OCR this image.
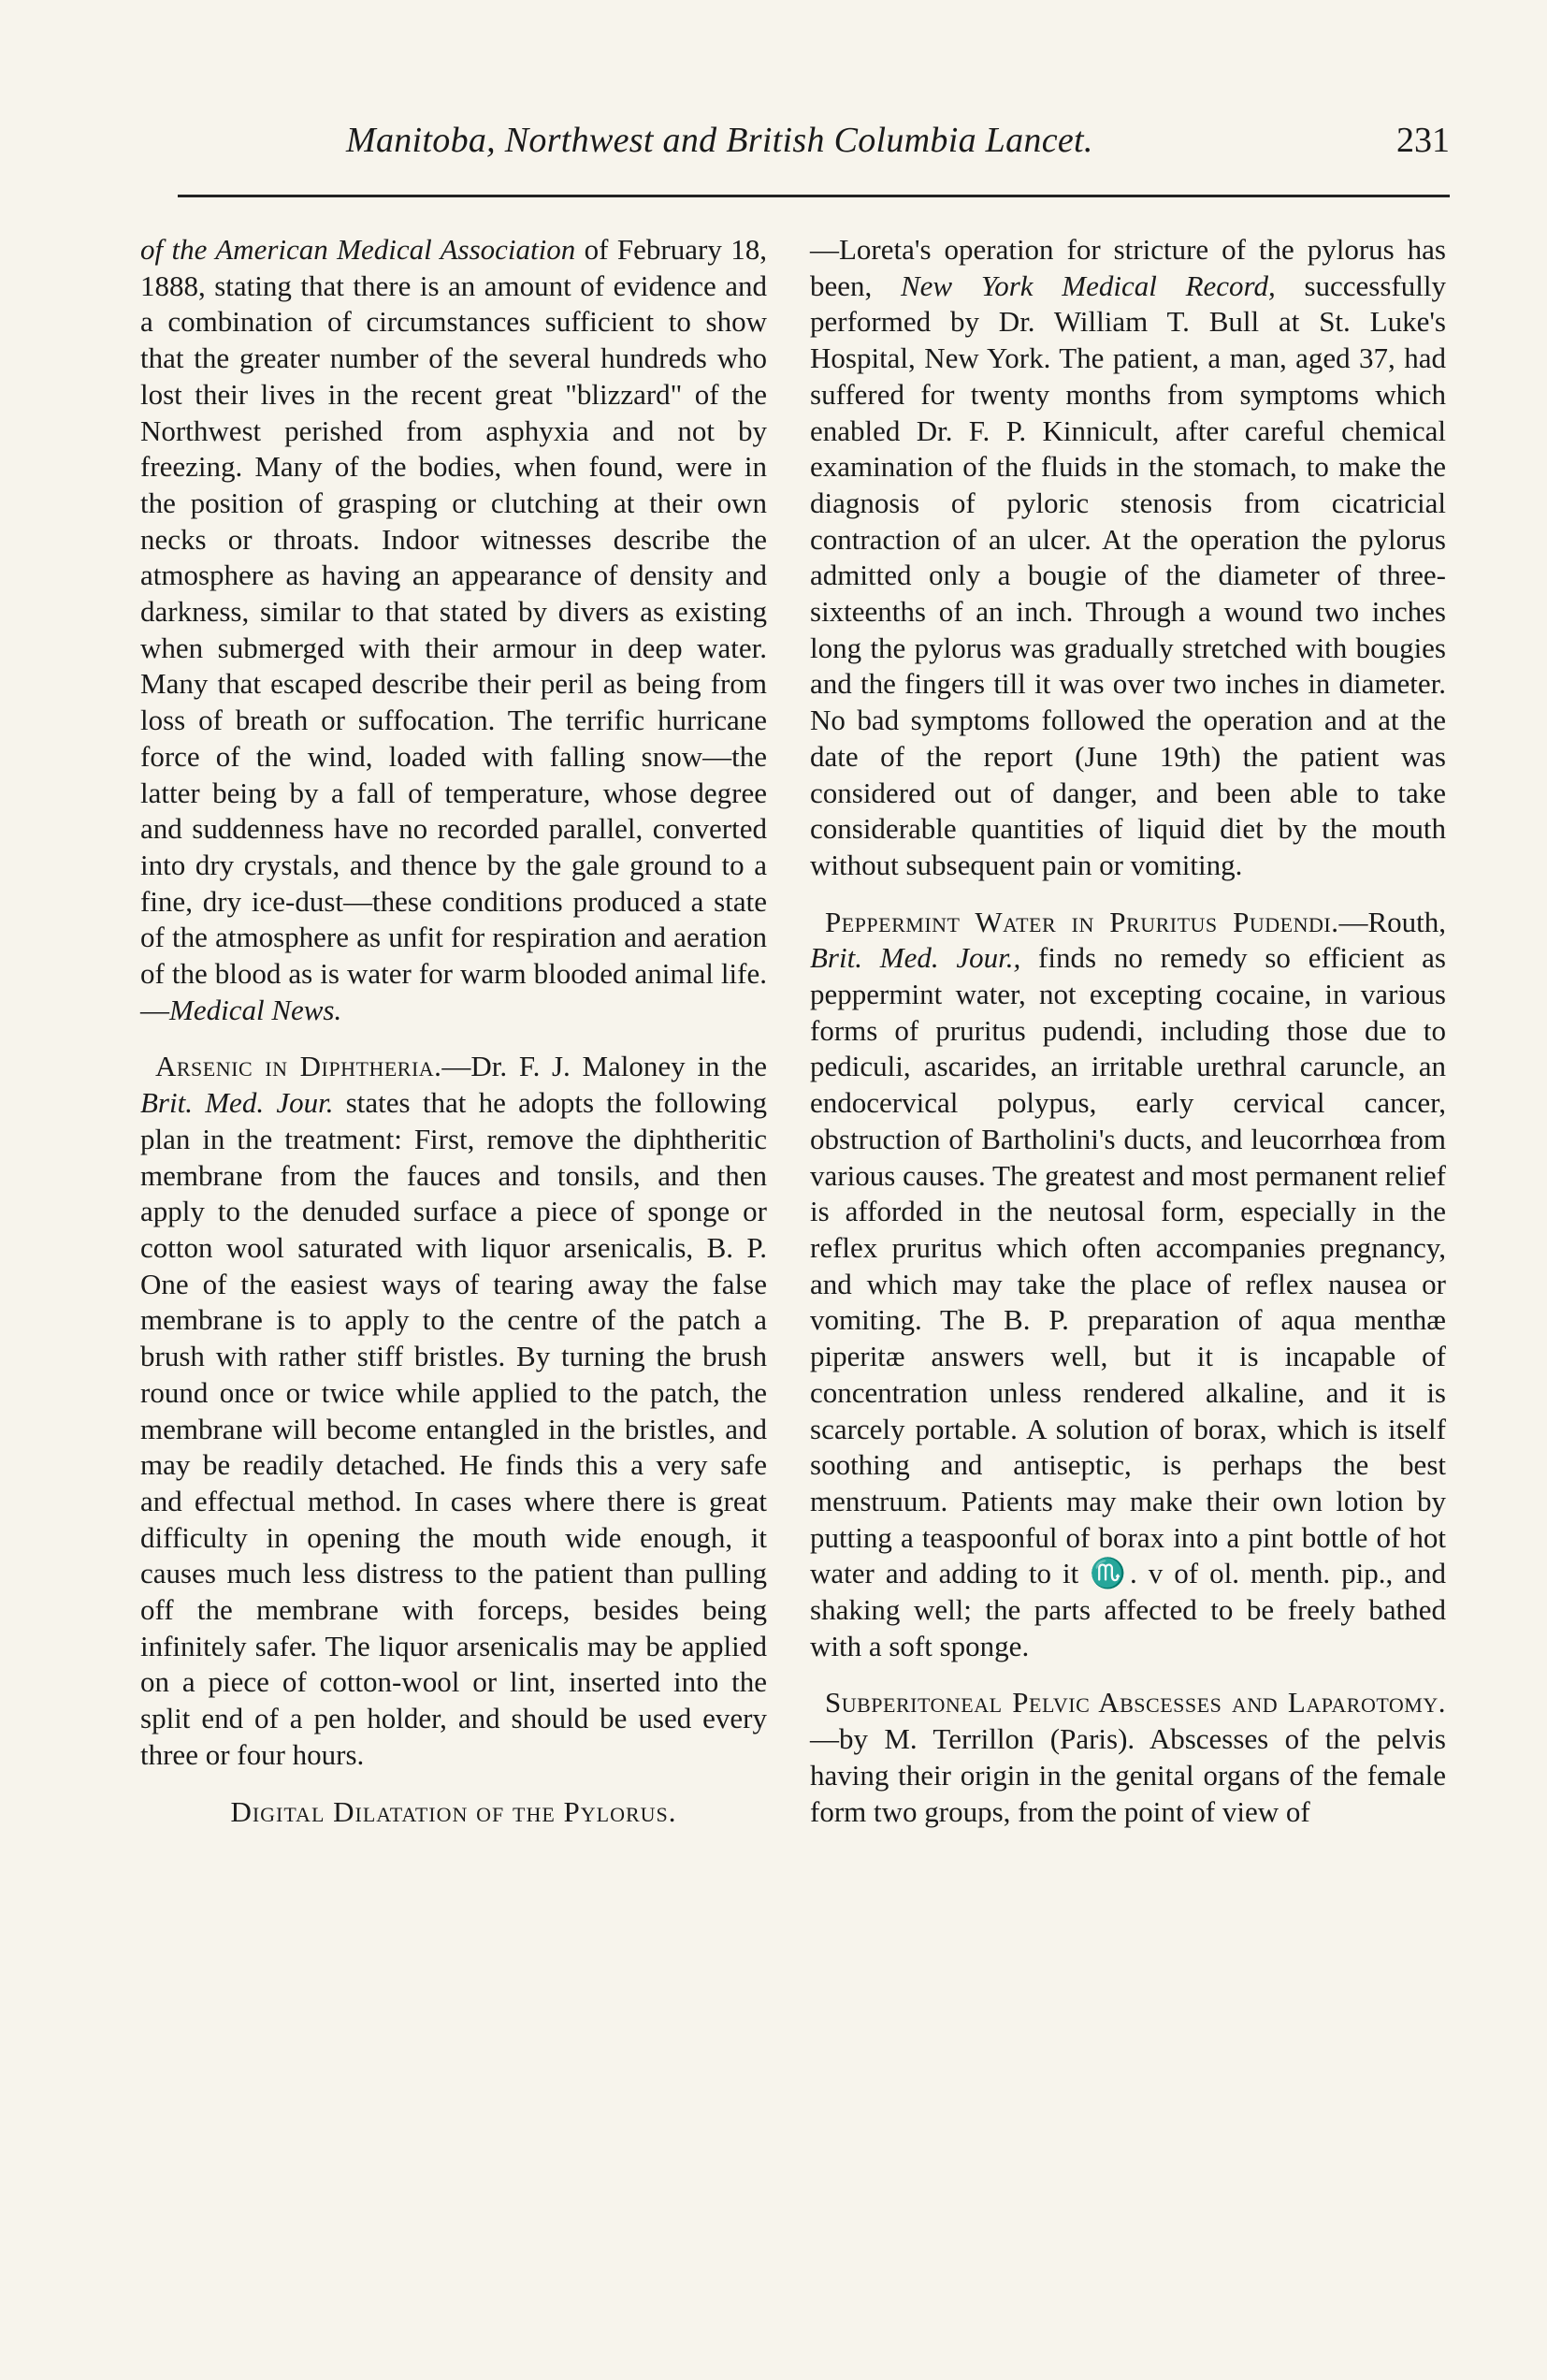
Manitoba, Northwest and British Columbia Lancet.	231

of the American Medical Association of February 18, 1888, stating that there is an amount of evidence and a combination of circumstances sufficient to show that the greater number of the several hundreds who lost their lives in the recent great "blizzard" of the Northwest perished from asphyxia and not by freezing. Many of the bodies, when found, were in the position of grasping or clutching at their own necks or throats. Indoor witnesses describe the atmosphere as having an appearance of density and darkness, similar to that stated by divers as existing when submerged with their armour in deep water. Many that escaped describe their peril as being from loss of breath or suffocation. The terrific hurricane force of the wind, loaded with falling snow—the latter being by a fall of temperature, whose degree and suddenness have no recorded parallel, converted into dry crystals, and thence by the gale ground to a fine, dry ice-dust—these conditions produced a state of the atmosphere as unfit for respiration and aeration of the blood as is water for warm blooded animal life.—Medical News.

Arsenic in Diphtheria.—Dr. F. J. Maloney in the Brit. Med. Jour. states that he adopts the following plan in the treatment: First, remove the diphtheritic membrane from the fauces and tonsils, and then apply to the denuded surface a piece of sponge or cotton wool saturated with liquor arsenicalis, B. P. One of the easiest ways of tearing away the false membrane is to apply to the centre of the patch a brush with rather stiff bristles. By turning the brush round once or twice while applied to the patch, the membrane will become entangled in the bristles, and may be readily detached. He finds this a very safe and effectual method. In cases where there is great difficulty in opening the mouth wide enough, it causes much less distress to the patient than pulling off the membrane with forceps, besides being infinitely safer. The liquor arsenicalis may be applied on a piece of cotton-wool or lint, inserted into the split end of a pen holder, and should be used every three or four hours.

Digital Dilatation of the Pylorus.

—Loreta's operation for stricture of the pylorus has been, New York Medical Record, successfully performed by Dr. William T. Bull at St. Luke's Hospital, New York. The patient, a man, aged 37, had suffered for twenty months from symptoms which enabled Dr. F. P. Kinnicult, after careful chemical examination of the fluids in the stomach, to make the diagnosis of pyloric stenosis from cicatricial contraction of an ulcer. At the operation the pylorus admitted only a bougie of the diameter of three-sixteenths of an inch. Through a wound two inches long the pylorus was gradually stretched with bougies and the fingers till it was over two inches in diameter. No bad symptoms followed the operation and at the date of the report (June 19th) the patient was considered out of danger, and been able to take considerable quantities of liquid diet by the mouth without subsequent pain or vomiting.

Peppermint Water in Pruritus Pudendi.—Routh, Brit. Med. Jour., finds no remedy so efficient as peppermint water, not excepting cocaine, in various forms of pruritus pudendi, including those due to pediculi, ascarides, an irritable urethral caruncle, an endocervical polypus, early cervical cancer, obstruction of Bartholini's ducts, and leucorrhœa from various causes. The greatest and most permanent relief is afforded in the neutosal form, especially in the reflex pruritus which often accompanies pregnancy, and which may take the place of reflex nausea or vomiting. The B. P. preparation of aqua menthæ piperitæ answers well, but it is incapable of concentration unless rendered alkaline, and it is scarcely portable. A solution of borax, which is itself soothing and antiseptic, is perhaps the best menstruum. Patients may make their own lotion by putting a teaspoonful of borax into a pint bottle of hot water and adding to it ♏. v of ol. menth. pip., and shaking well; the parts affected to be freely bathed with a soft sponge.

Subperitoneal Pelvic Abscesses and Laparotomy.—by M. Terrillon (Paris). Abscesses of the pelvis having their origin in the genital organs of the female form two groups, from the point of view of
